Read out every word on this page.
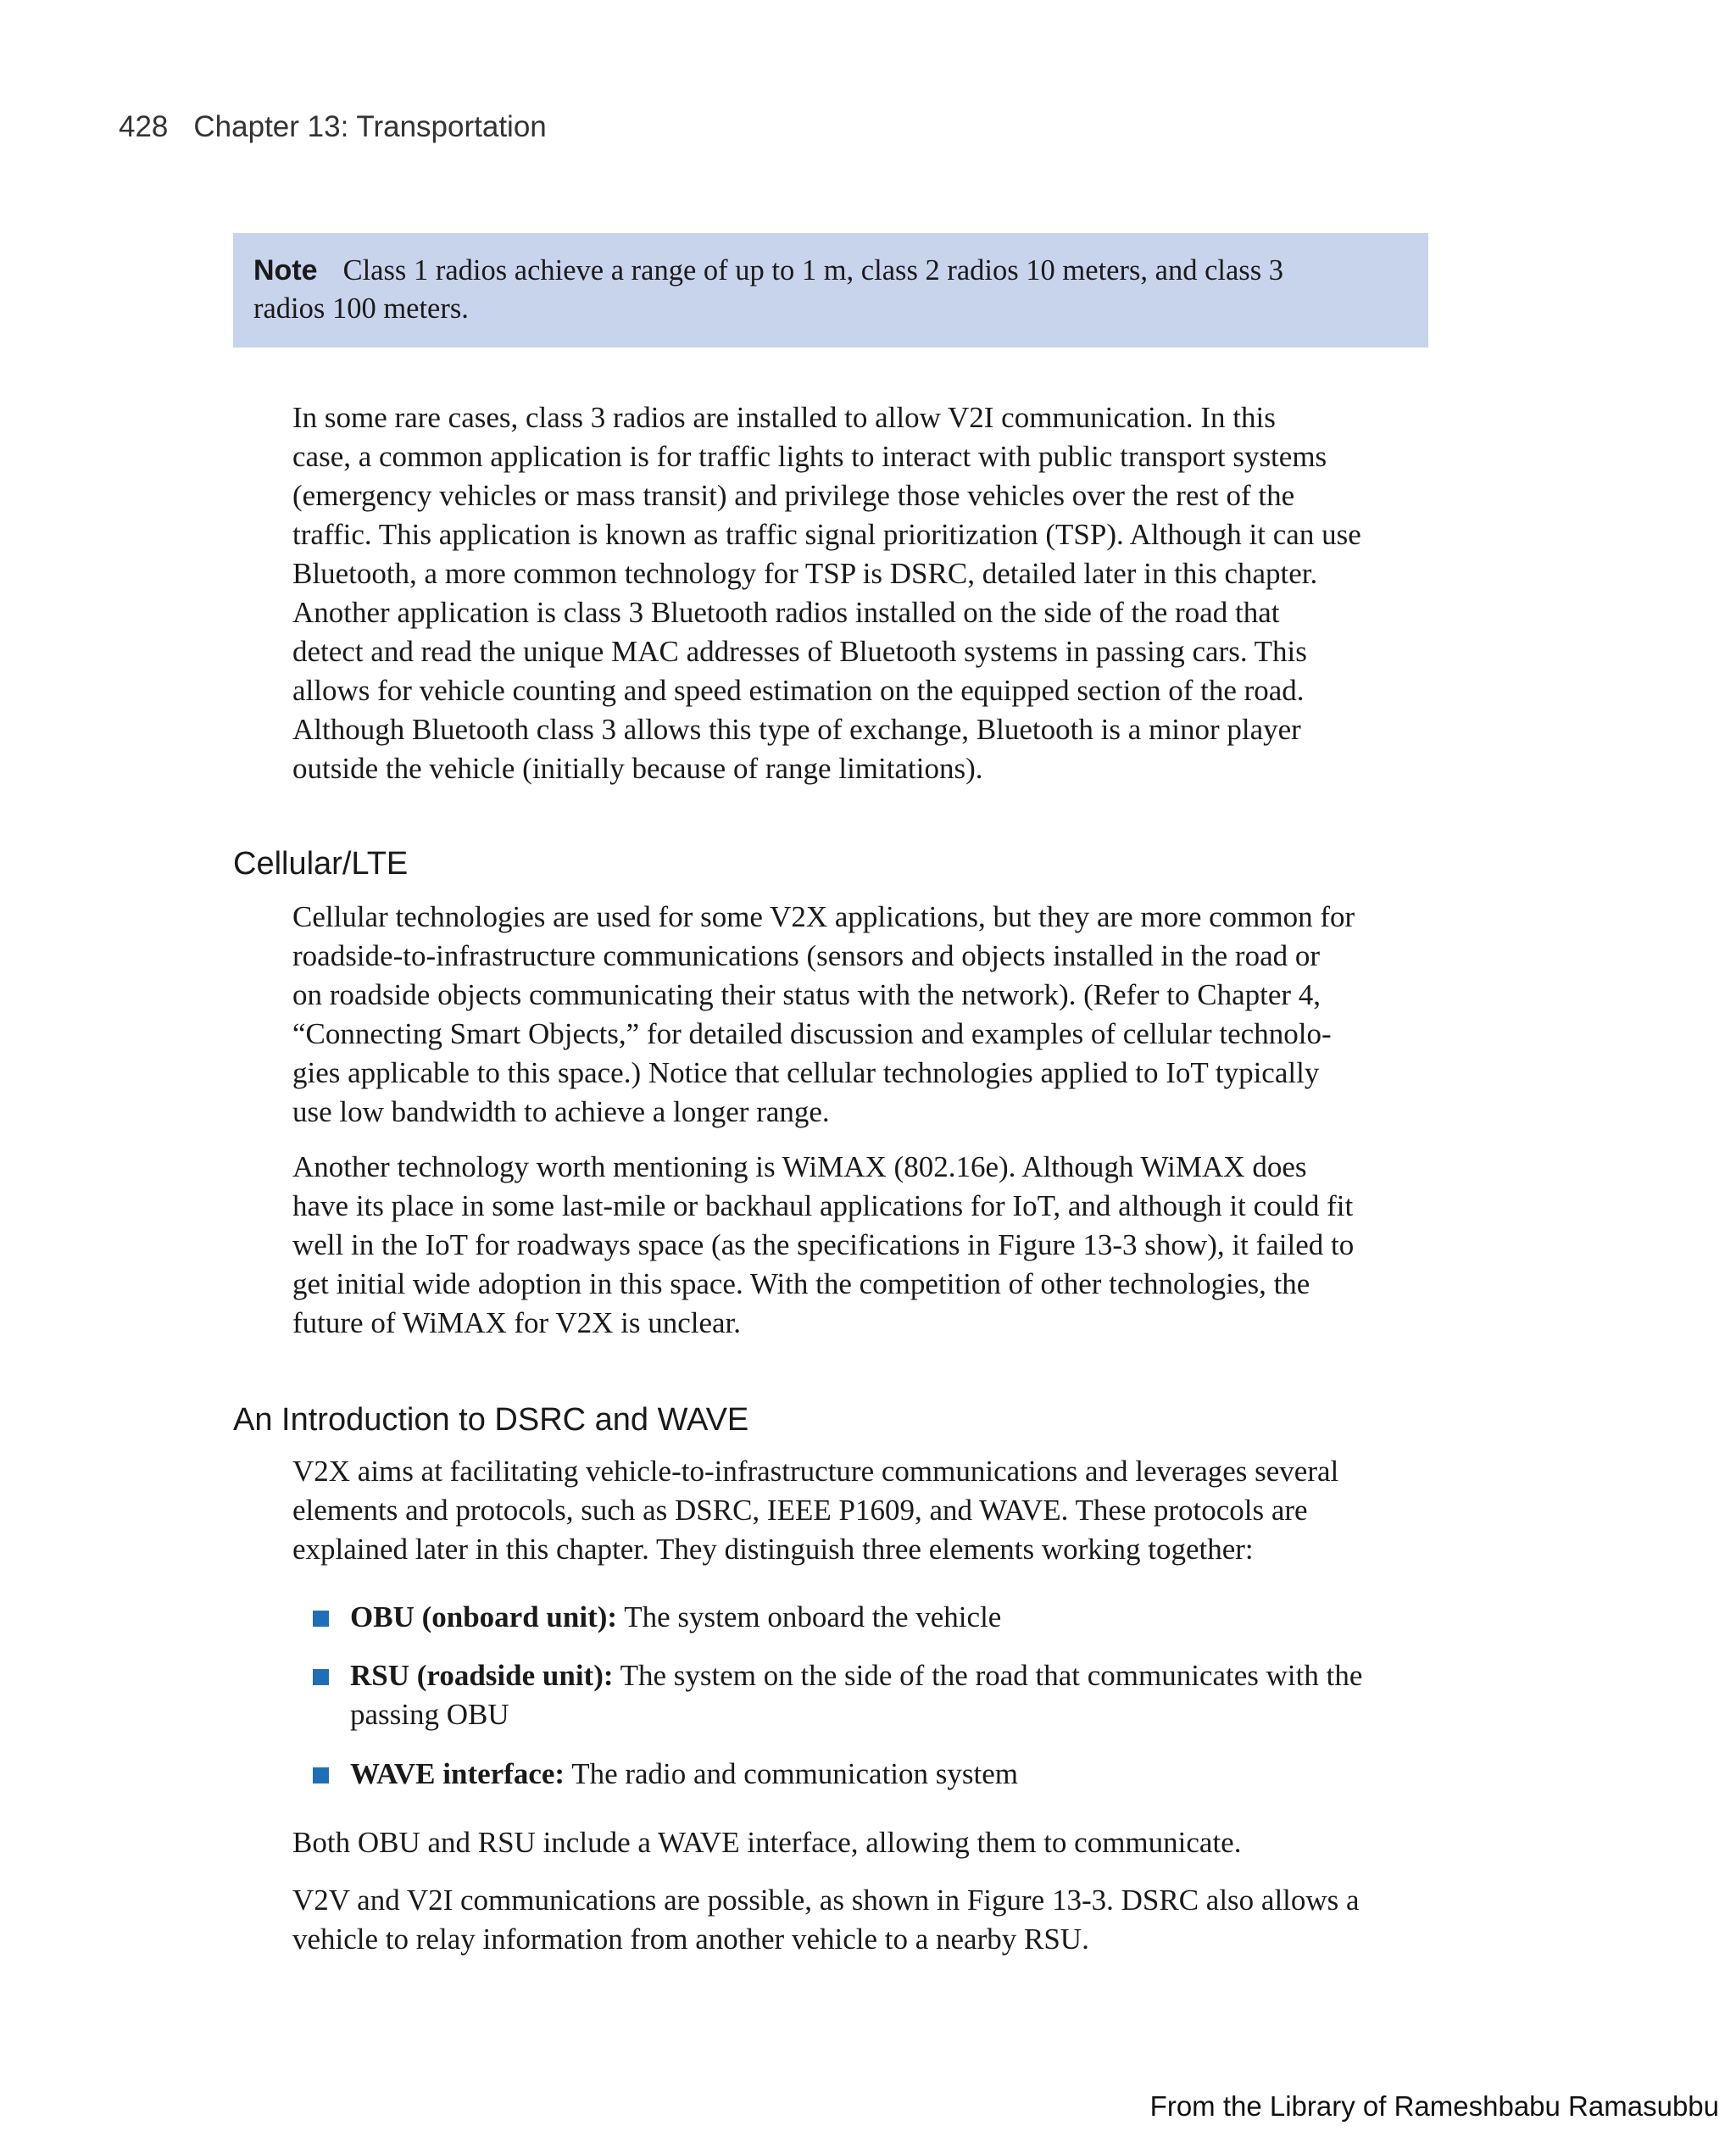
428 Chapter 13: Transportation
Note Class 1 radios achieve a range of up to 1 m, class 2 radios 10 meters, and class 3
radios 100 meters.

In some rare cases, class 3 radios are installed to allow V2I communication. In this
case, a common application is for traffic lights to interact with public transport systems
(emergency vehicles or mass transit) and privilege those vehicles over the rest of the
traffic. This application is known as traffic signal prioritization (TSP). Although it can use
Bluetooth, a more common technology for TSP is DSRC, detailed later in this chapter.
Another application is class 3 Bluetooth radios installed on the side of the road that
detect and read the unique MAC addresses of Bluetooth systems in passing cars. This
allows for vehicle counting and speed estimation on the equipped section of the road.
Although Bluetooth class 3 allows this type of exchange, Bluetooth is a minor player
outside the vehicle (initially because of range limitations).

Cellular/LTE

Cellular technologies are used for some V2X applications, but they are more common for
roadside-to-infrastructure communications (sensors and objects installed in the road or
on roadside objects communicating their status with the network). (Refer to Chapter 4,
“Connecting Smart Objects,” for detailed discussion and examples of cellular technolo-
gies applicable to this space.) Notice that cellular technologies applied to IoT typically
use low bandwidth to achieve a longer range.

Another technology worth mentioning is WiMAX (802.16e). Although WiMAX does
have its place in some last-mile or backhaul applications for IoT, and although it could fit
well in the IoT for roadways space (as the specifications in Figure 13-3 show), it failed to
get initial wide adoption in this space. With the competition of other technologies, the
future of WiMAX for V2X is unclear.

An Introduction to DSRC and WAVE

V2X aims at facilitating vehicle-to-infrastructure communications and leverages several
elements and protocols, such as DSRC, IEEE P1609, and WAVE. These protocols are
explained later in this chapter. They distinguish three elements working together:

OBU (onboard unit): The system onboard the vehicle
RSU (roadside unit): The system on the side of the road that communicates with the
passing OBU
WAVE interface: The radio and communication system

Both OBU and RSU include a WAVE interface, allowing them to communicate.

V2V and V2I communications are possible, as shown in Figure 13-3. DSRC also allows a
vehicle to relay information from another vehicle to a nearby RSU.

From the Library of Rameshbabu Ramasubbu
